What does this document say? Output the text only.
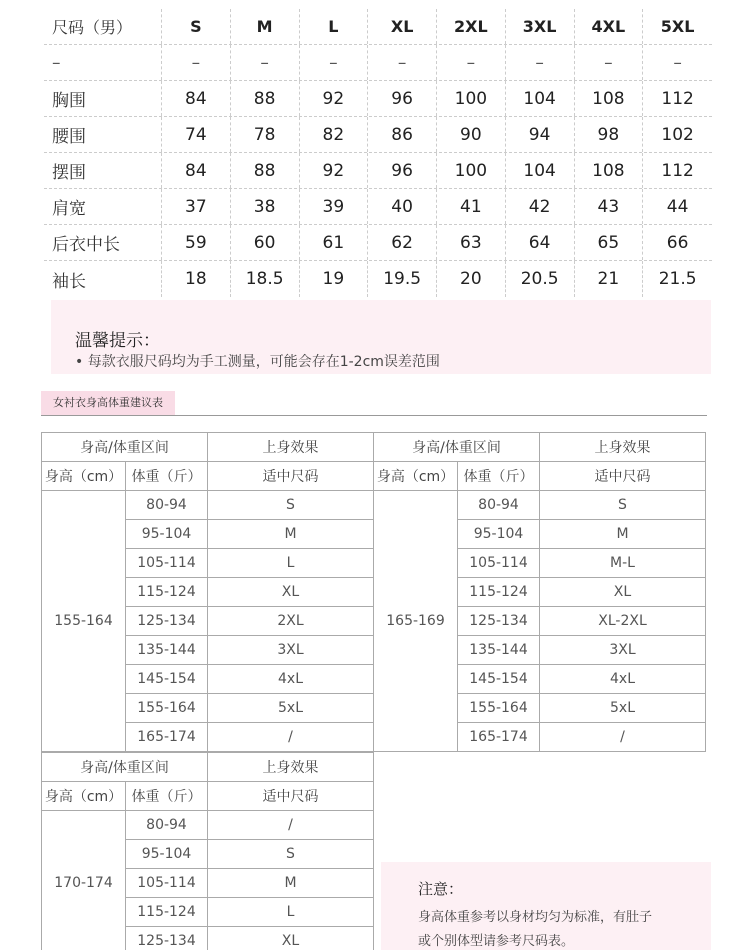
尺码（男）	S	M	L	XL	2XL	3XL	4XL	5XL
–	–	–	–	–	–	–	–	–
胸围	84	88	92	96	100	104	108	112
腰围	74	78	82	86	90	94	98	102
摆围	84	88	92	96	100	104	108	112
肩宽	37	38	39	40	41	42	43	44
后衣中长	59	60	61	62	63	64	65	66
袖长	18	18.5	19	19.5	20	20.5	21	21.5
温馨提示：
• 每款衣服尺码均为手工测量，可能会存在1-2cm误差范围
女衬衣身高体重建议表
身高/体重区间		上身效果
身高（cm）	体重（斤）	适中尺码
155-164	80-94	S
	95-104	M
	105-114	L
	115-124	XL
	125-134	2XL
	135-144	3XL
	145-154	4xL
	155-164	5xL
	165-174	/
身高/体重区间		上身效果
身高（cm）	体重（斤）	适中尺码
165-169	80-94	S
	95-104	M
	105-114	M-L
	115-124	XL
	125-134	XL-2XL
	135-144	3XL
	145-154	4xL
	155-164	5xL
	165-174	/
身高/体重区间		上身效果
身高（cm）	体重（斤）	适中尺码
170-174	80-94	/
	95-104	S
	105-114	M
	115-124	L
	125-134	XL
注意：
身高体重参考以身材均匀为标准，有肚子
或个别体型请参考尺码表。
